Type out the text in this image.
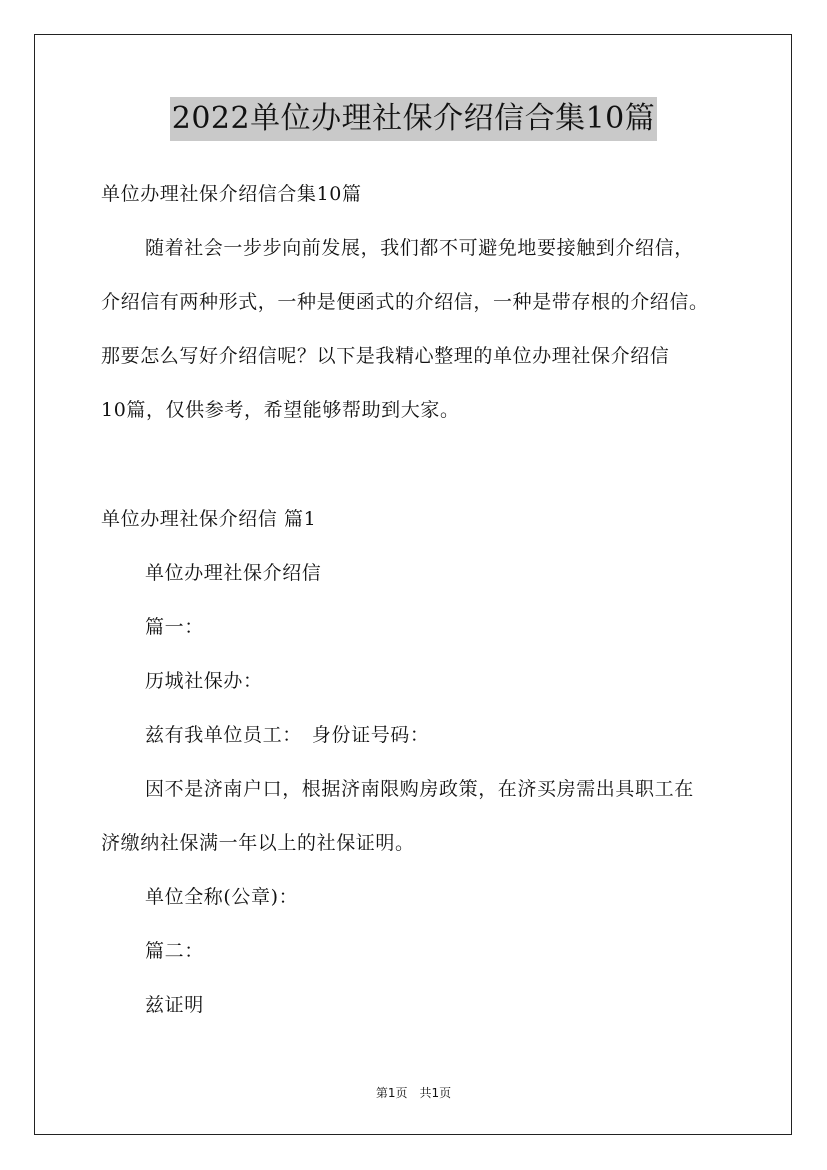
2022单位办理社保介绍信合集10篇
单位办理社保介绍信合集10篇
随着社会一步步向前发展，我们都不可避免地要接触到介绍信，
介绍信有两种形式，一种是便函式的介绍信，一种是带存根的介绍信。
那要怎么写好介绍信呢？以下是我精心整理的单位办理社保介绍信
10篇，仅供参考，希望能够帮助到大家。
单位办理社保介绍信 篇1
单位办理社保介绍信
篇一：
历城社保办：
兹有我单位员工：　身份证号码：
因不是济南户口，根据济南限购房政策，在济买房需出具职工在
济缴纳社保满一年以上的社保证明。
单位全称(公章)：
篇二：
兹证明
第1页　共1页
